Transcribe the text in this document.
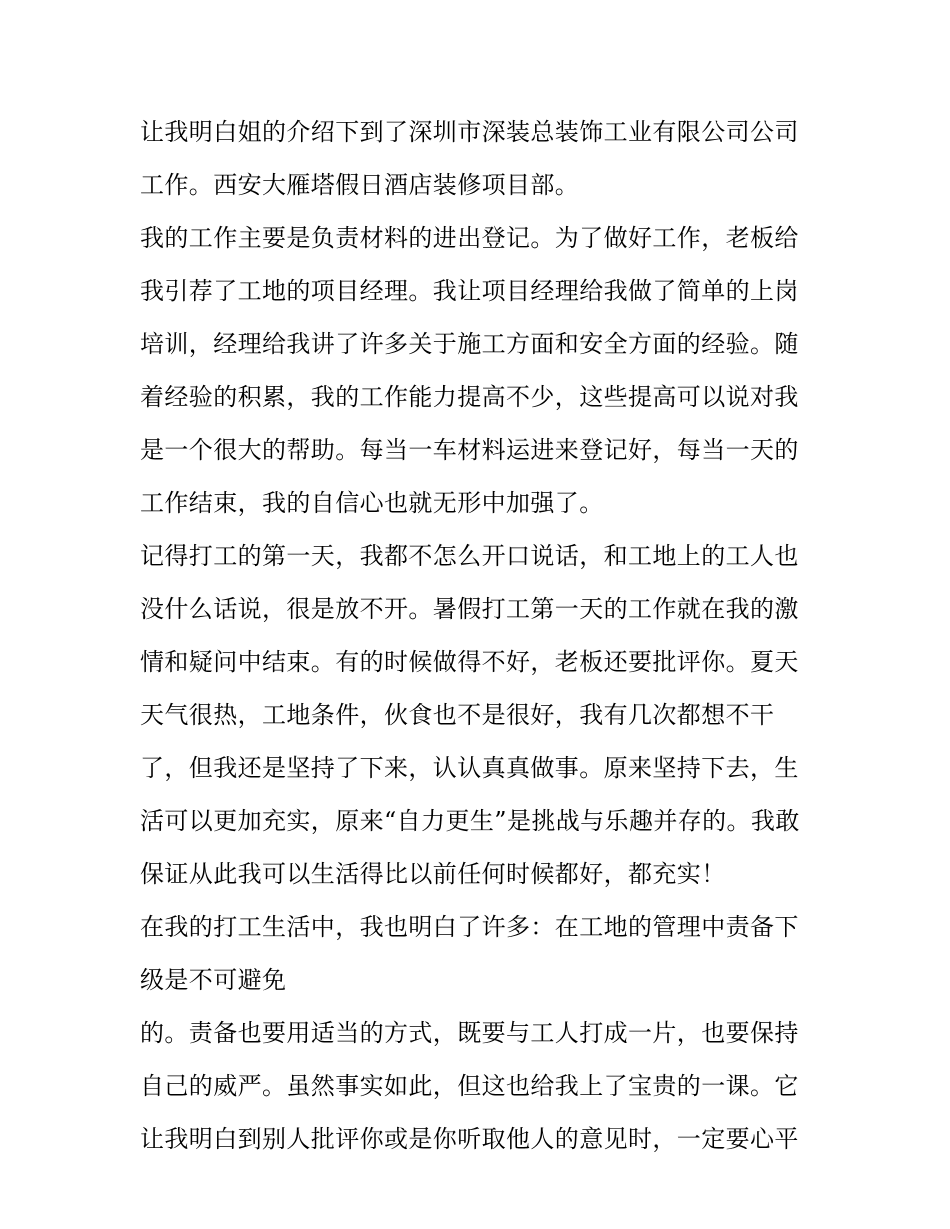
让我明白姐的介绍下到了深圳市深装总装饰工业有限公司公司
工作。西安大雁塔假日酒店装修项目部。
我的工作主要是负责材料的进出登记。为了做好工作，老板给
我引荐了工地的项目经理。我让项目经理给我做了简单的上岗
培训，经理给我讲了许多关于施工方面和安全方面的经验。随
着经验的积累，我的工作能力提高不少，这些提高可以说对我
是一个很大的帮助。每当一车材料运进来登记好，每当一天的
工作结束，我的自信心也就无形中加强了。
记得打工的第一天，我都不怎么开口说话，和工地上的工人也
没什么话说，很是放不开。暑假打工第一天的工作就在我的激
情和疑问中结束。有的时候做得不好，老板还要批评你。夏天
天气很热，工地条件，伙食也不是很好，我有几次都想不干
了，但我还是坚持了下来，认认真真做事。原来坚持下去，生
活可以更加充实，原来“自力更生”是挑战与乐趣并存的。我敢
保证从此我可以生活得比以前任何时候都好，都充实！
在我的打工生活中，我也明白了许多：在工地的管理中责备下
级是不可避免
的。责备也要用适当的方式，既要与工人打成一片，也要保持
自己的威严。虽然事实如此，但这也给我上了宝贵的一课。它
让我明白到别人批评你或是你听取他人的意见时，一定要心平
